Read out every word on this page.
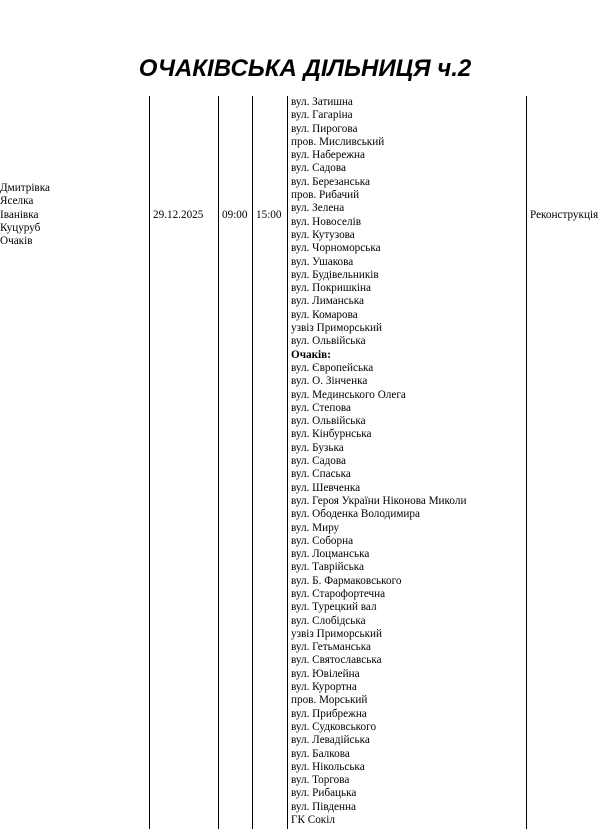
ОЧАКІВСЬКА ДІЛЬНИЦЯ ч.2
Дмитрівка
Яселка
Іванівка
Куцуруб
Очаків
29.12.2025 09:00 15:00
вул. Затишна
вул. Гагаріна
вул. Пирогова
пров. Мисливський
вул. Набережна
вул. Садова
вул. Березанська
пров. Рибачий
вул. Зелена
вул. Новоселів
вул. Кутузова
вул. Чорноморська
вул. Ушакова
вул. Будівельників
вул. Покришкіна
вул. Лиманська
вул. Комарова
узвіз Приморський
вул. Ольвійська
Очаків:
вул. Європейська
вул. О. Зінченка
вул. Мединського Олега
вул. Степова
вул. Ольвійська
вул. Кінбурнська
вул. Бузька
вул. Садова
вул. Спаська
вул. Шевченка
вул. Героя України Ніконова Миколи
вул. Ободенка Володимира
вул. Миру
вул. Соборна
вул. Лоцманська
вул. Таврійська
вул. Б. Фармаковського
вул. Старофортечна
вул. Турецкий вал
вул. Слобідська
узвіз Приморський
вул. Гетьманська
вул. Святославська
вул. Ювілейна
вул. Курортна
пров. Морський
вул. Прибрежна
вул. Судковського
вул. Левадійська
вул. Балкова
вул. Нікольська
вул. Торгова
вул. Рибацька
вул. Південна
ГК Сокіл
Реконструкція
